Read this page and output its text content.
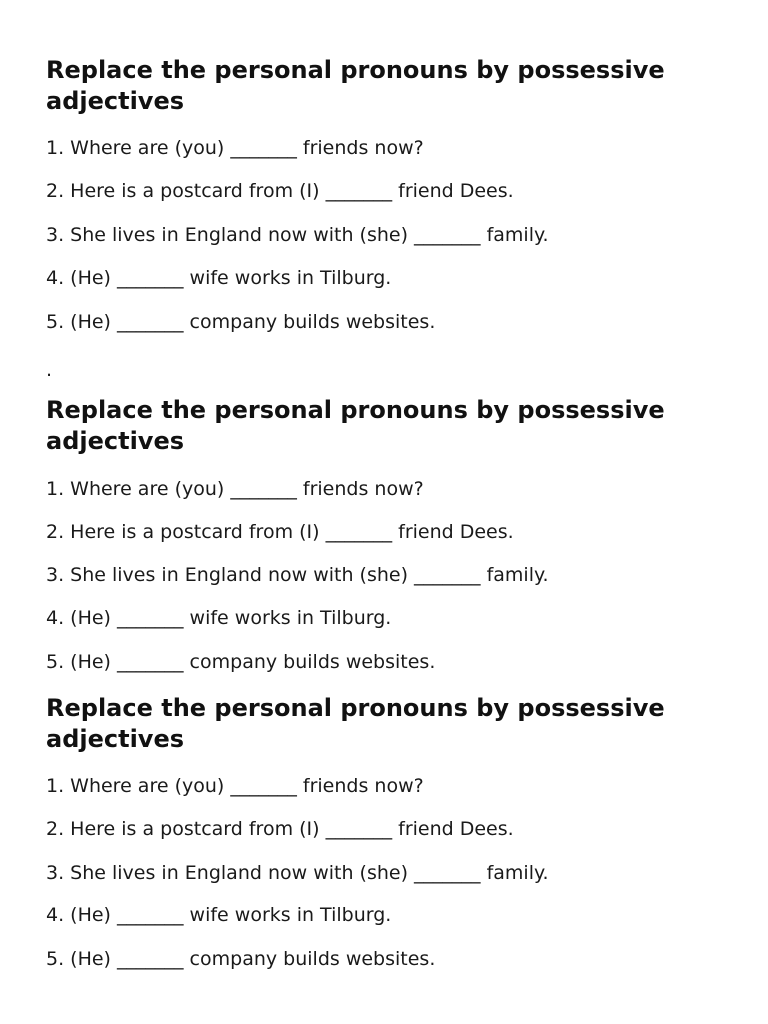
Replace the personal pronouns by possessive adjectives

1. Where are (you) _______ friends now?

2. Here is a postcard from (I) _______ friend Dees.

3. She lives in England now with (she) _______ family.

4. (He) _______ wife works in Tilburg.

5. (He) _______ company builds websites.

.

Replace the personal pronouns by possessive adjectives

1. Where are (you) _______ friends now?

2. Here is a postcard from (I) _______ friend Dees.

3. She lives in England now with (she) _______ family.

4. (He) _______ wife works in Tilburg.

5. (He) _______ company builds websites.

Replace the personal pronouns by possessive adjectives

1. Where are (you) _______ friends now?

2. Here is a postcard from (I) _______ friend Dees.

3. She lives in England now with (she) _______ family.

4. (He) _______ wife works in Tilburg.

5. (He) _______ company builds websites.
